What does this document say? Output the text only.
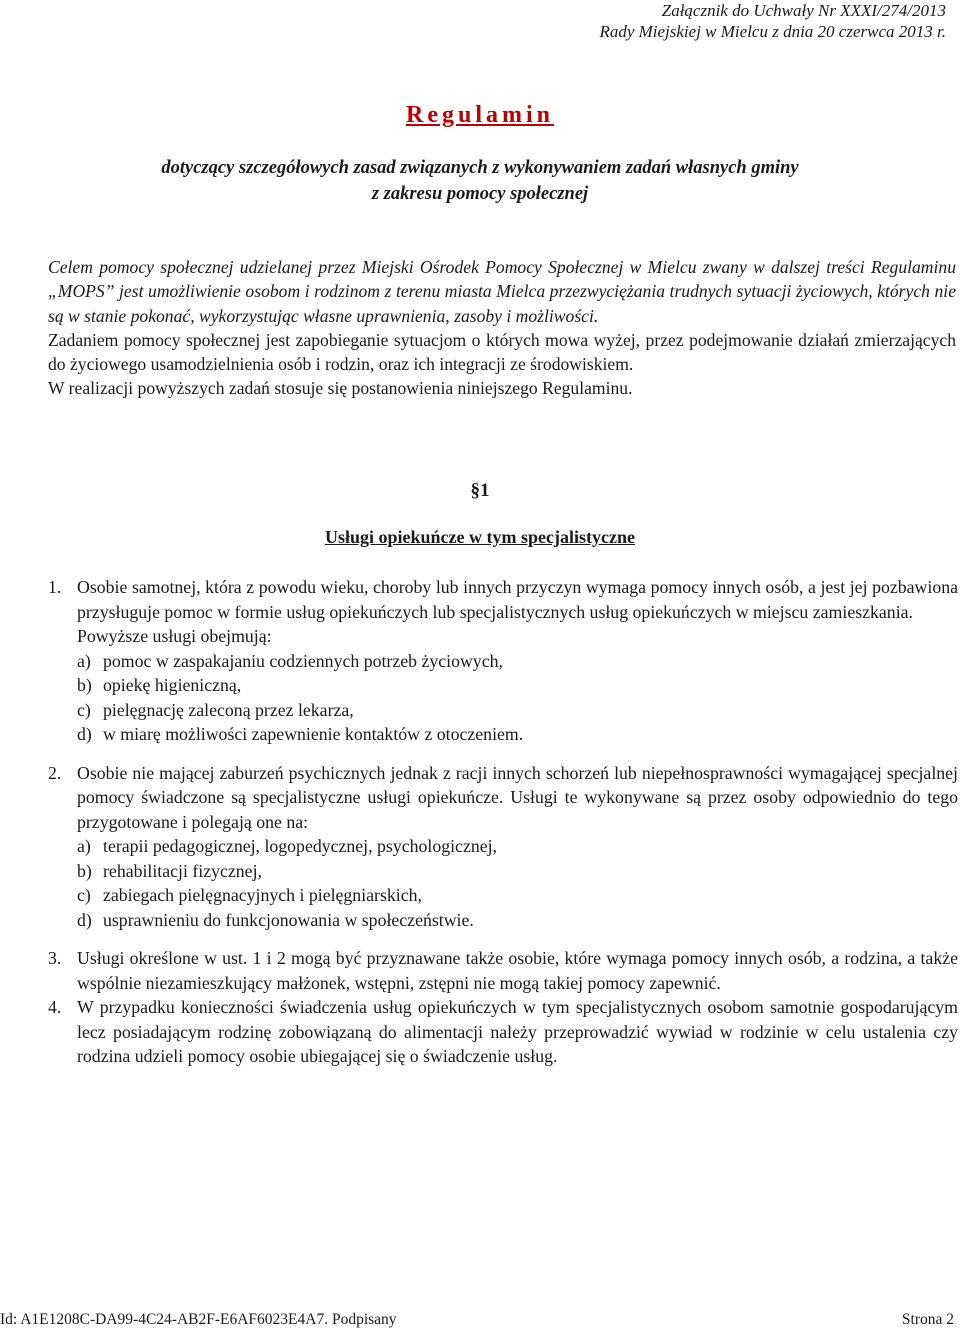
Załącznik do Uchwały Nr XXXI/274/2013
Rady Miejskiej w Mielcu z dnia 20 czerwca 2013 r.
Regulamin
dotyczący szczegółowych zasad związanych z wykonywaniem zadań własnych gminy
z zakresu pomocy społecznej

Celem pomocy społecznej udzielanej przez Miejski Ośrodek Pomocy Społecznej w Mielcu zwany w dalszej treści Regulaminu „MOPS” jest umożliwienie osobom i rodzinom z terenu miasta Mielca przezwyciężania trudnych sytuacji życiowych, których nie są w stanie pokonać, wykorzystując własne uprawnienia, zasoby i możliwości.

Zadaniem pomocy społecznej jest zapobieganie sytuacjom o których mowa wyżej, przez podejmowanie działań zmierzających do życiowego usamodzielnienia osób i rodzin, oraz ich integracji ze środowiskiem.

W realizacji powyższych zadań stosuje się postanowienia niniejszego Regulaminu.

§1
Usługi opiekuńcze w tym specjalistyczne
1. Osobie samotnej, która z powodu wieku, choroby lub innych przyczyn wymaga pomocy innych osób, a jest jej pozbawiona przysługuje pomoc w formie usług opiekuńczych lub specjalistycznych usług opiekuńczych w miejscu zamieszkania.

Powyższe usługi obejmują:

a) pomoc w zaspakajaniu codziennych potrzeb życiowych,
b) opiekę higieniczną,
c) pielęgnację zaleconą przez lekarza,
d) w miarę możliwości zapewnienie kontaktów z otoczeniem.
2. Osobie nie mającej zaburzeń psychicznych jednak z racji innych schorzeń lub niepełnosprawności wymagającej specjalnej pomocy świadczone są specjalistyczne usługi opiekuńcze. Usługi te wykonywane są przez osoby odpowiednio do tego przygotowane i polegają one na:

a) terapii pedagogicznej, logopedycznej, psychologicznej,
b) rehabilitacji fizycznej,
c) zabiegach pielęgnacyjnych i pielęgniarskich,
d) usprawnieniu do funkcjonowania w społeczeństwie.
3. Usługi określone w ust. 1 i 2 mogą być przyznawane także osobie, które wymaga pomocy innych osób, a rodzina, a także wspólnie niezamieszkujący małżonek, wstępni, zstępni nie mogą takiej pomocy zapewnić.

4. W przypadku konieczności świadczenia usług opiekuńczych w tym specjalistycznych osobom samotnie gospodarującym lecz posiadającym rodzinę zobowiązaną do alimentacji należy przeprowadzić wywiad w rodzinie w celu ustalenia czy rodzina udzieli pomocy osobie ubiegającej się o świadczenie usług.

Id: A1E1208C-DA99-4C24-AB2F-E6AF6023E4A7. Podpisany	Strona 2
